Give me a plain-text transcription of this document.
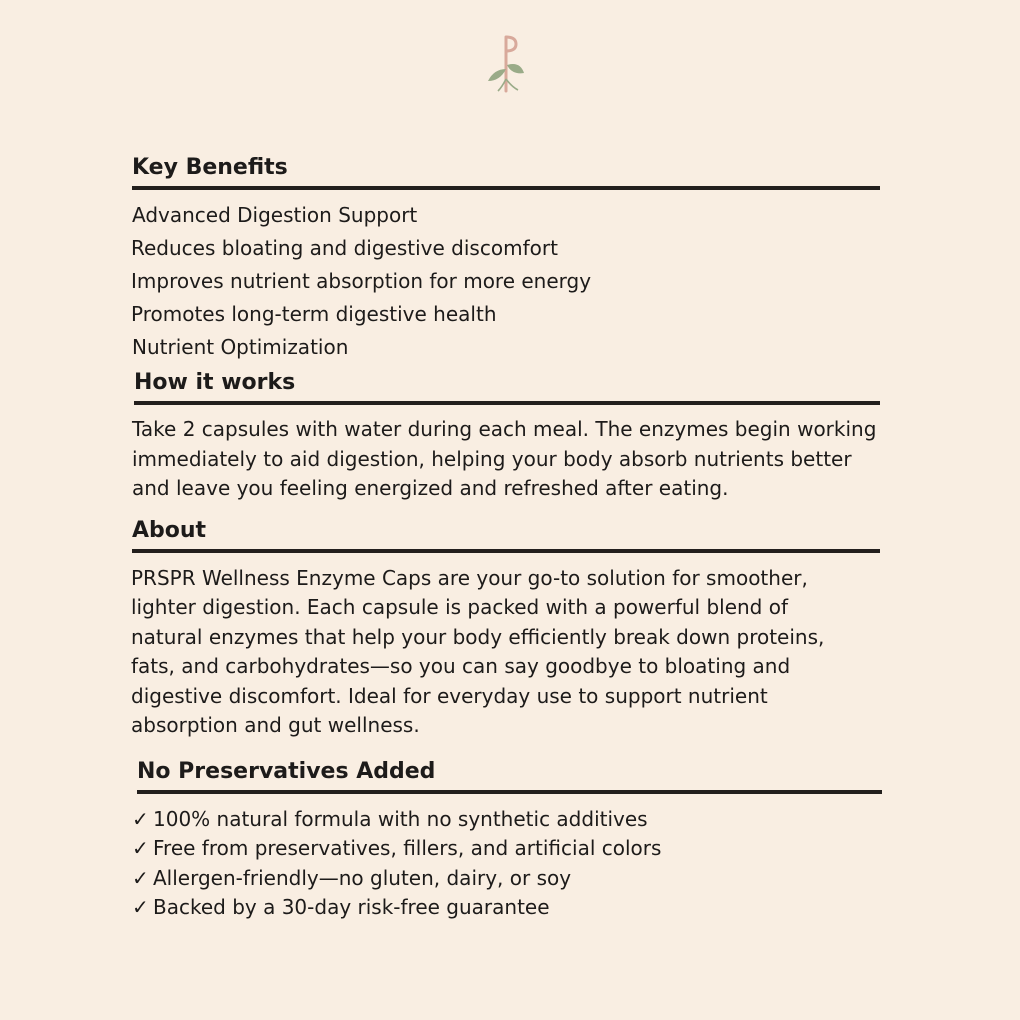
Key Benefits
Advanced Digestion Support
Reduces bloating and digestive discomfort
Improves nutrient absorption for more energy
Promotes long-term digestive health
Nutrient Optimization
How it works

Take 2 capsules with water during each meal. The enzymes begin working
immediately to aid digestion, helping your body absorb nutrients better
and leave you feeling energized and refreshed after eating.

About

PRSPR Wellness Enzyme Caps are your go-to solution for smoother,
lighter digestion. Each capsule is packed with a powerful blend of
natural enzymes that help your body efficiently break down proteins,
fats, and carbohydrates—so you can say goodbye to bloating and
digestive discomfort. Ideal for everyday use to support nutrient
absorption and gut wellness.

No Preservatives Added
✓ 100% natural formula with no synthetic additives
✓ Free from preservatives, fillers, and artificial colors
✓ Allergen-friendly—no gluten, dairy, or soy
✓ Backed by a 30-day risk-free guarantee
